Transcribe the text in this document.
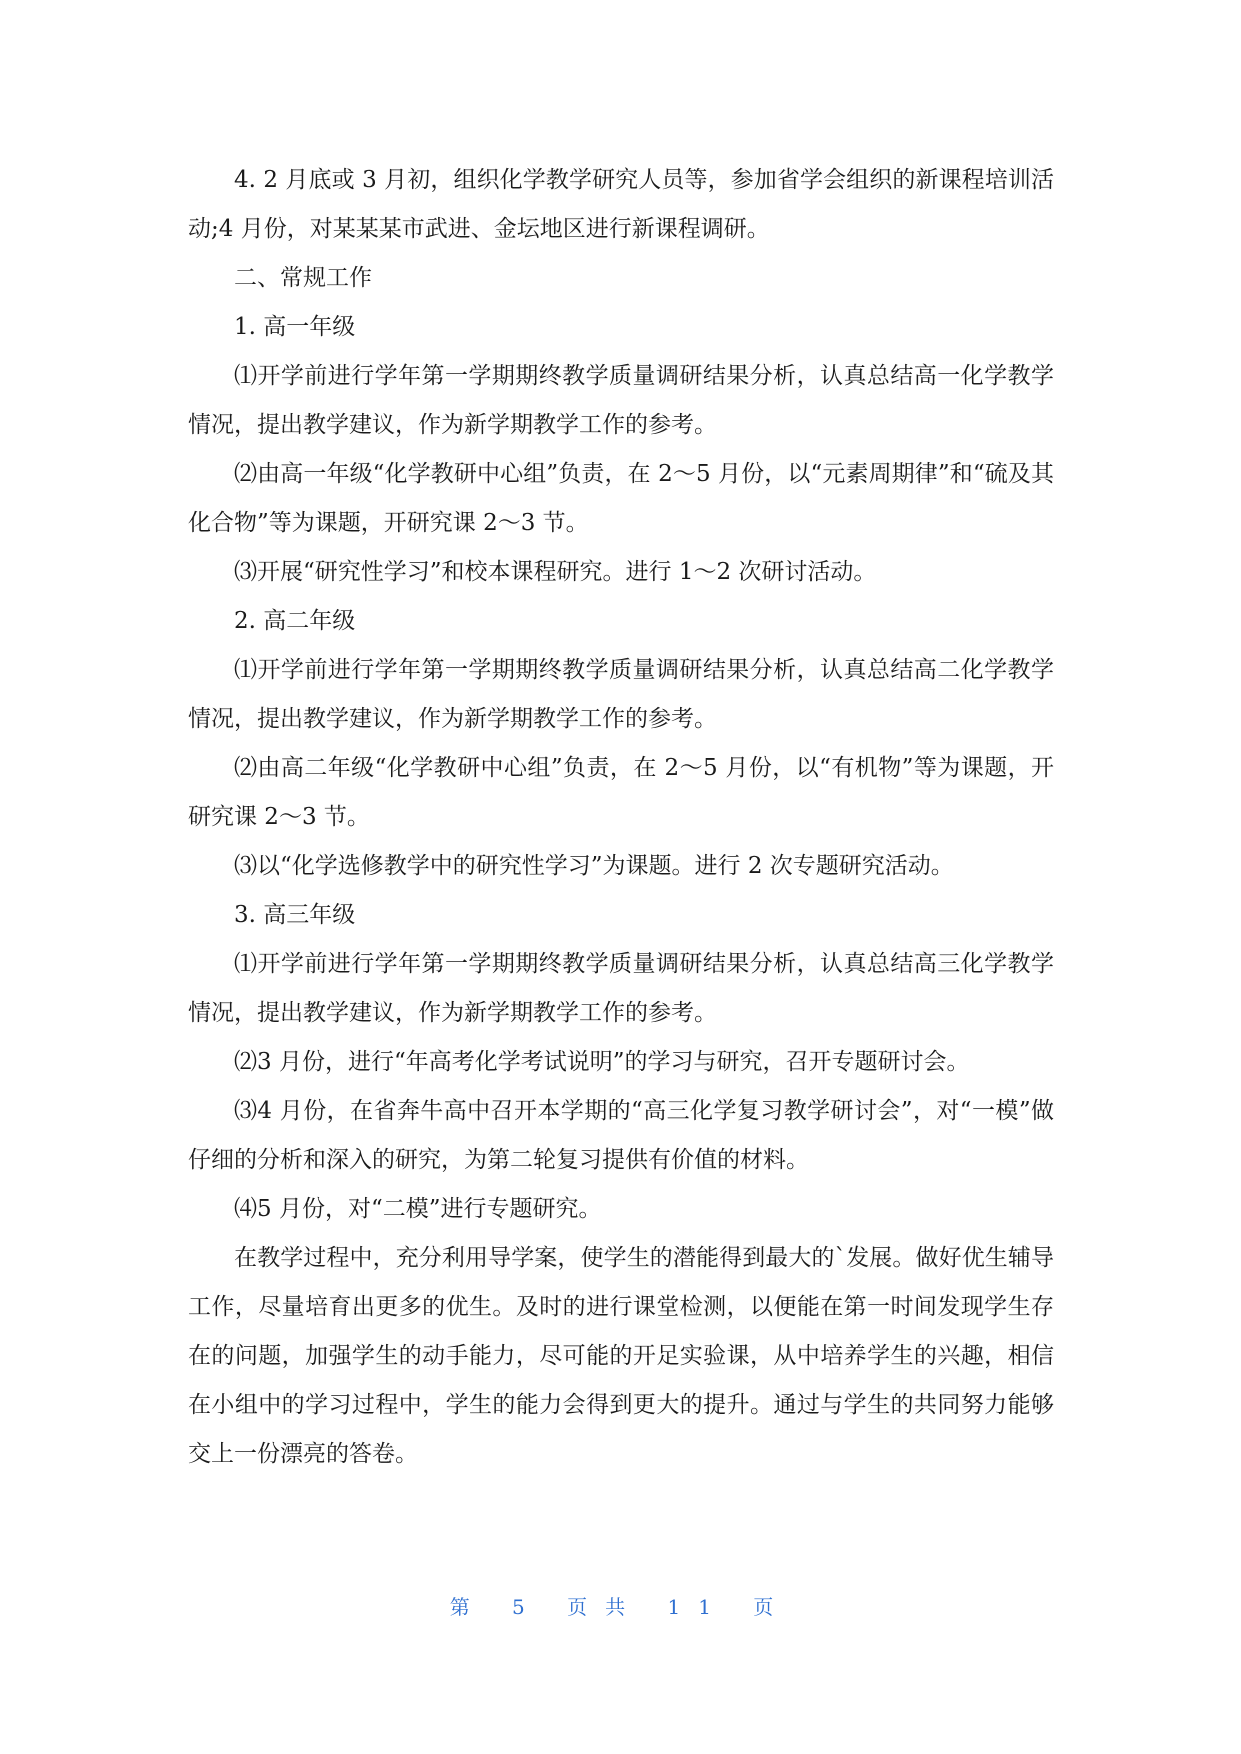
4. 2 月底或 3 月初，组织化学教学研究人员等，参加省学会组织的新课程培训活动;4 月份，对某某某市武进、金坛地区进行新课程调研。

二、常规工作

1. 高一年级

⑴开学前进行学年第一学期期终教学质量调研结果分析，认真总结高一化学教学情况，提出教学建议，作为新学期教学工作的参考。

⑵由高一年级“化学教研中心组”负责，在 2～5 月份，以“元素周期律”和“硫及其化合物”等为课题，开研究课 2～3 节。

⑶开展“研究性学习”和校本课程研究。进行 1～2 次研讨活动。

2. 高二年级

⑴开学前进行学年第一学期期终教学质量调研结果分析，认真总结高二化学教学情况，提出教学建议，作为新学期教学工作的参考。

⑵由高二年级“化学教研中心组”负责，在 2～5 月份，以“有机物”等为课题，开研究课 2～3 节。

⑶以“化学选修教学中的研究性学习”为课题。进行 2 次专题研究活动。

3. 高三年级

⑴开学前进行学年第一学期期终教学质量调研结果分析，认真总结高三化学教学情况，提出教学建议，作为新学期教学工作的参考。

⑵3 月份，进行“年高考化学考试说明”的学习与研究，召开专题研讨会。

⑶4 月份，在省奔牛高中召开本学期的“高三化学复习教学研讨会”，对“一模”做仔细的分析和深入的研究，为第二轮复习提供有价值的材料。

⑷5 月份，对“二模”进行专题研究。

在教学过程中，充分利用导学案，使学生的潜能得到最大的`发展。做好优生辅导工作，尽量培育出更多的优生。及时的进行课堂检测，以便能在第一时间发现学生存在的问题，加强学生的动手能力，尽可能的开足实验课，从中培养学生的兴趣，相信在小组中的学习过程中，学生的能力会得到更大的提升。通过与学生的共同努力能够交上一份漂亮的答卷。

第 5 页共 11 页
